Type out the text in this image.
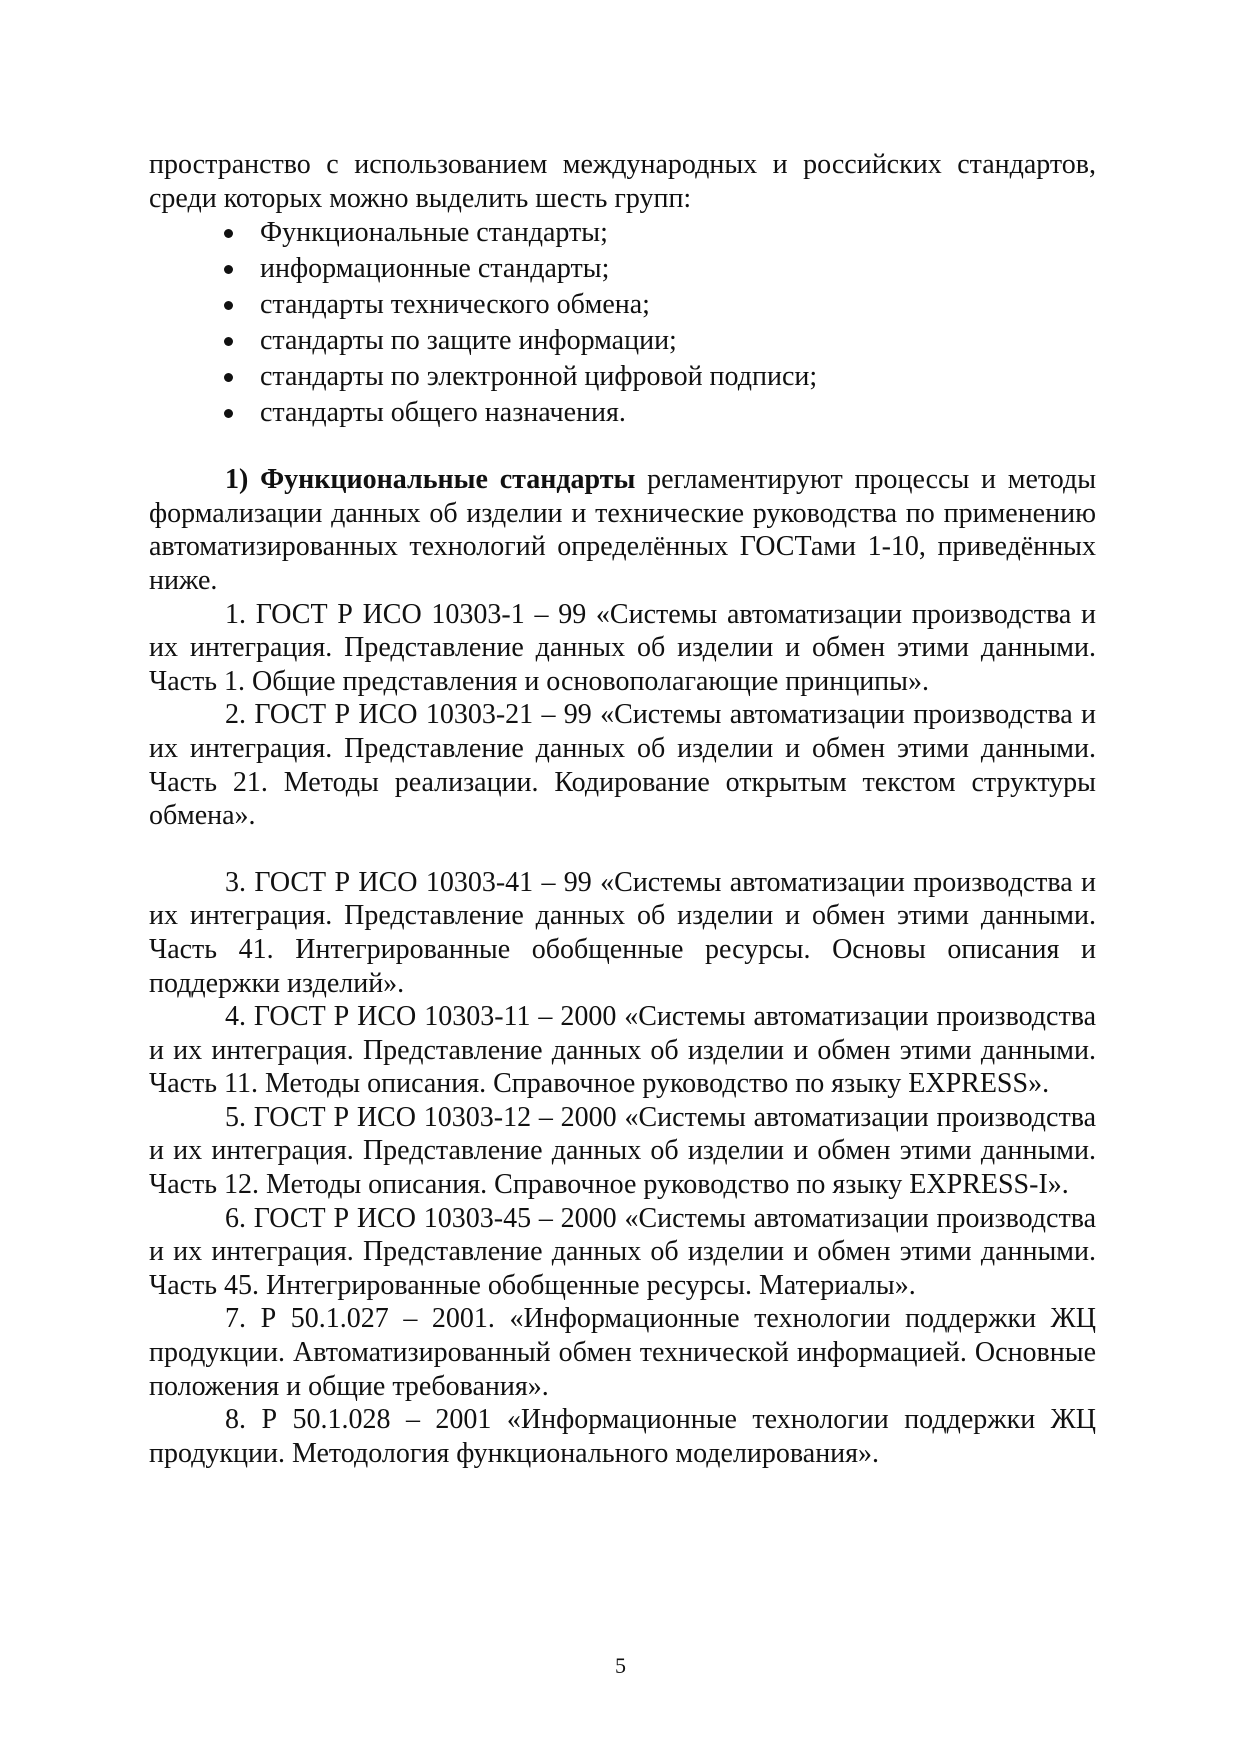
пространство с использованием международных и российских стандартов, среди которых можно выделить шесть групп:

Функциональные стандарты;
информационные стандарты;
стандарты технического обмена;
стандарты по защите информации;
стандарты по электронной цифровой подписи;
стандарты общего назначения.

1) Функциональные стандарты регламентируют процессы и методы формализации данных об изделии и технические руководства по применению автоматизированных технологий определённых ГОСТами 1-10, приведённых ниже.

1. ГОСТ Р ИСО 10303-1 – 99 «Системы автоматизации производства и их интеграция. Представление данных об изделии и обмен этими данными. Часть 1. Общие представления и основополагающие принципы».

2. ГОСТ Р ИСО 10303-21 – 99 «Системы автоматизации производства и их интеграция. Представление данных об изделии и обмен этими данными. Часть 21. Методы реализации. Кодирование открытым текстом структуры обмена».

3. ГОСТ Р ИСО 10303-41 – 99 «Системы автоматизации производства и их интеграция. Представление данных об изделии и обмен этими данными. Часть 41. Интегрированные обобщенные ресурсы. Основы описания и поддержки изделий».

4. ГОСТ Р ИСО 10303-11 – 2000 «Системы автоматизации производства и их интеграция. Представление данных об изделии и обмен этими данными. Часть 11. Методы описания. Справочное руководство по языку EXPRESS».

5. ГОСТ Р ИСО 10303-12 – 2000 «Системы автоматизации производства и их интеграция. Представление данных об изделии и обмен этими данными. Часть 12. Методы описания. Справочное руководство по языку EXPRESS-I».

6. ГОСТ Р ИСО 10303-45 – 2000 «Системы автоматизации производства и их интеграция. Представление данных об изделии и обмен этими данными. Часть 45. Интегрированные обобщенные ресурсы. Материалы».

7. Р 50.1.027 – 2001. «Информационные технологии поддержки ЖЦ продукции. Автоматизированный обмен технической информацией. Основные положения и общие требования».

8. Р 50.1.028 – 2001 «Информационные технологии поддержки ЖЦ продукции. Методология функционального моделирования».

5
